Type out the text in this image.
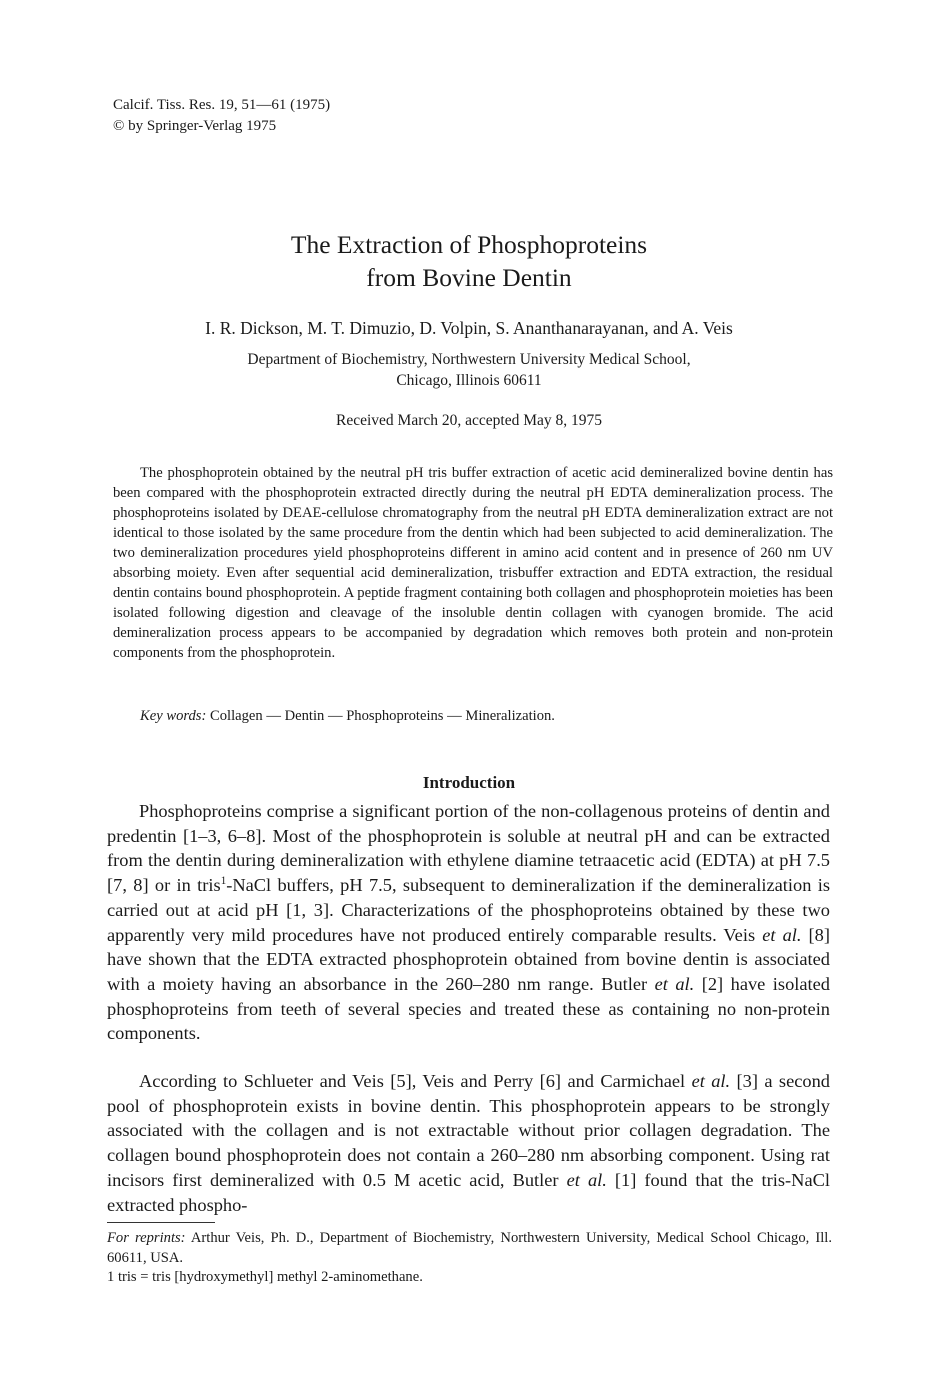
Calcif. Tiss. Res. 19, 51—61 (1975)
© by Springer-Verlag 1975
The Extraction of Phosphoproteins
from Bovine Dentin
I. R. Dickson, M. T. Dimuzio, D. Volpin, S. Ananthanarayanan, and A. Veis
Department of Biochemistry, Northwestern University Medical School,
Chicago, Illinois 60611
Received March 20, accepted May 8, 1975
The phosphoprotein obtained by the neutral pH tris buffer extraction of acetic acid demineralized bovine dentin has been compared with the phosphoprotein extracted directly during the neutral pH EDTA demineralization process. The phosphoproteins isolated by DEAE-cellulose chromatography from the neutral pH EDTA demineralization extract are not identical to those isolated by the same procedure from the dentin which had been subjected to acid demineralization. The two demineralization procedures yield phosphoproteins different in amino acid content and in presence of 260 nm UV absorbing moiety. Even after sequential acid demineralization, trisbuffer extraction and EDTA extraction, the residual dentin contains bound phosphoprotein. A peptide fragment containing both collagen and phosphoprotein moieties has been isolated following digestion and cleavage of the insoluble dentin collagen with cyanogen bromide. The acid demineralization process appears to be accompanied by degradation which removes both protein and non-protein components from the phosphoprotein.
Key words: Collagen — Dentin — Phosphoproteins — Mineralization.
Introduction
Phosphoproteins comprise a significant portion of the non-collagenous proteins of dentin and predentin [1–3, 6–8]. Most of the phosphoprotein is soluble at neutral pH and can be extracted from the dentin during demineralization with ethylene diamine tetraacetic acid (EDTA) at pH 7.5 [7, 8] or in tris$^1$-NaCl buffers, pH 7.5, subsequent to demineralization if the demineralization is carried out at acid pH [1, 3]. Characterizations of the phosphoproteins obtained by these two apparently very mild procedures have not produced entirely comparable results. Veis et al. [8] have shown that the EDTA extracted phosphoprotein obtained from bovine dentin is associated with a moiety having an absorbance in the 260–280 nm range. Butler et al. [2] have isolated phosphoproteins from teeth of several species and treated these as containing no non-protein components.
According to Schlueter and Veis [5], Veis and Perry [6] and Carmichael et al. [3] a second pool of phosphoprotein exists in bovine dentin. This phosphoprotein appears to be strongly associated with the collagen and is not extractable without prior collagen degradation. The collagen bound phosphoprotein does not contain a 260–280 nm absorbing component. Using rat incisors first demineralized with 0.5 M acetic acid, Butler et al. [1] found that the tris-NaCl extracted phospho-
For reprints: Arthur Veis, Ph. D., Department of Biochemistry, Northwestern University, Medical School Chicago, Ill. 60611, USA.
1 tris = tris [hydroxymethyl] methyl 2-aminomethane.
